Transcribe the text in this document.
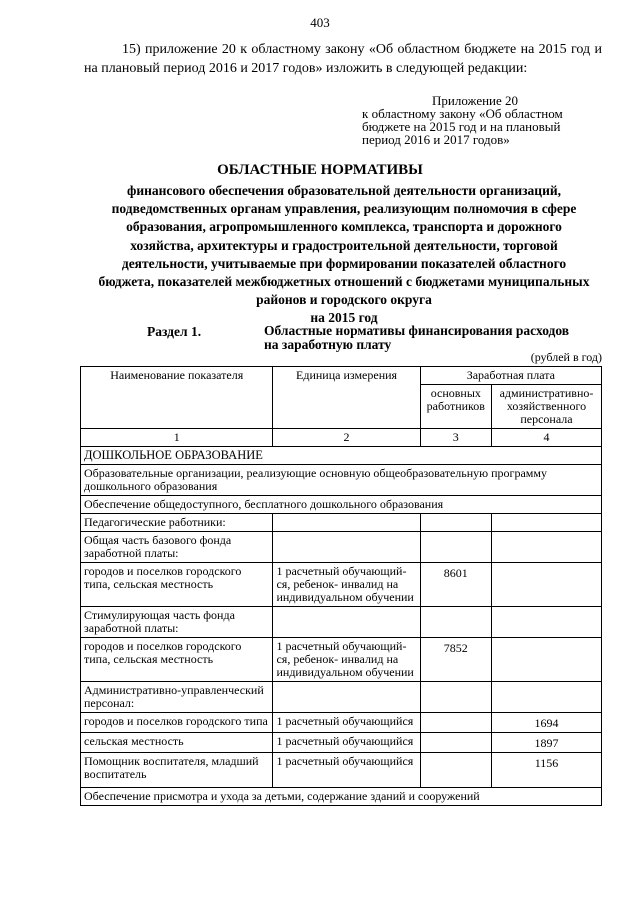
403
15) приложение 20 к областному закону «Об областном бюджете на 2015 год и на плановый период 2016 и 2017 годов» изложить в следующей редакции:
Приложение 20
к областному закону «Об областном бюджете на 2015 год и на плановый период 2016 и 2017 годов»
ОБЛАСТНЫЕ НОРМАТИВЫ
финансового обеспечения образовательной деятельности организаций, подведомственных органам управления, реализующим полномочия в сфере образования, агропромышленного комплекса, транспорта и дорожного хозяйства, архитектуры и градостроительной деятельности, торговой деятельности, учитываемые при формировании показателей областного бюджета, показателей межбюджетных отношений с бюджетами муниципальных районов и городского округа
на 2015 год
Раздел 1.	Областные нормативы финансирования расходов на заработную плату
(рублей в год)
Наименование показателя	Единица измерения	Заработная плата	
		основных работников	административно-хозяйственного персонала
1	2	3	4
ДОШКОЛЬНОЕ ОБРАЗОВАНИЕ			
Образовательные организации, реализующие основную общеобразовательную программу дошкольного образования			
Обеспечение общедоступного, бесплатного дошкольного образования			
Педагогические работники:			
Общая часть базового фонда заработной платы:			
городов и поселков городского типа, сельская местность	1 расчетный обучающий-ся, ребенок- инвалид на индивидуальном обучении	8601	
Стимулирующая часть фонда заработной платы:			
городов и поселков городского типа, сельская местность	1 расчетный обучающий-ся, ребенок- инвалид на индивидуальном обучении	7852	
Административно-управленческий персонал:			
городов и поселков городского типа	1 расчетный обучающийся		1694
сельская местность	1 расчетный обучающийся		1897
Помощник воспитателя, младший воспитатель	1 расчетный обучающийся		1156
Обеспечение присмотра и ухода за детьми, содержание зданий и сооружений			
